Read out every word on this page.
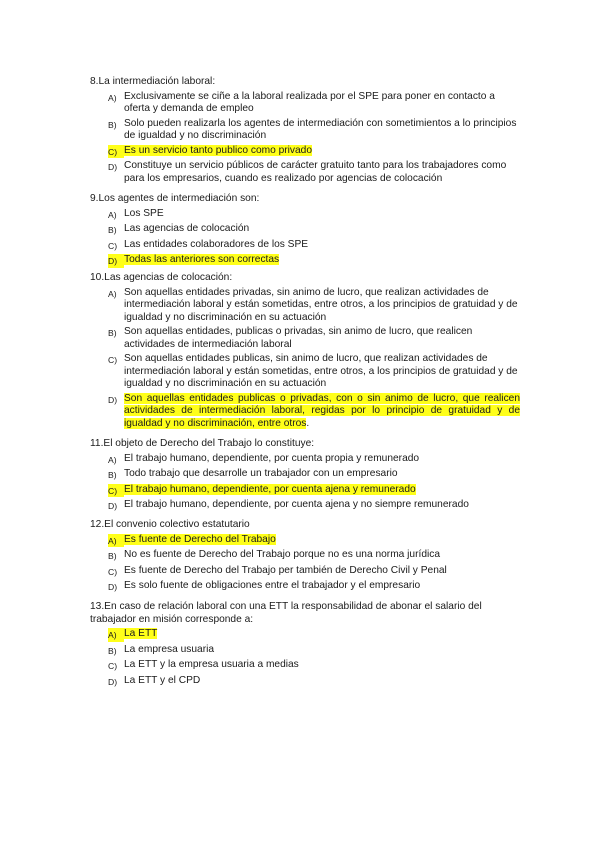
8.La intermediación laboral:
A) Exclusivamente se ciñe a la laboral realizada por el SPE para poner en contacto a oferta y demanda de empleo
B) Solo pueden realizarla los agentes de intermediación con sometimientos a lo principios de igualdad y no discriminación
C) Es un servicio tanto publico como privado
D) Constituye un servicio públicos de carácter gratuito tanto para los trabajadores como para los empresarios, cuando es realizado por agencias de colocación
9.Los agentes de intermediación son:
A) Los SPE
B) Las agencias de colocación
C) Las entidades colaboradores de los SPE
D) Todas las anteriores son correctas
10.Las agencias de colocación:
A) Son aquellas entidades privadas, sin animo de lucro, que realizan actividades de intermediación laboral y están sometidas, entre otros, a los principios de gratuidad y de igualdad y no discriminación en su actuación
B) Son aquellas entidades, publicas o privadas, sin animo de lucro, que realicen actividades de intermediación laboral
C) Son aquellas entidades publicas, sin animo de lucro, que realizan actividades de intermediación laboral y están sometidas, entre otros, a los principios de gratuidad y de igualdad y no discriminación en su actuación
D) Son aquellas entidades publicas o privadas, con o sin animo de lucro, que realicen actividades de intermediación laboral, regidas por lo principio de gratuidad y de igualdad y no discriminación, entre otros.
11.El objeto de Derecho del Trabajo lo constituye:
A) El trabajo humano, dependiente, por cuenta propia y remunerado
B) Todo trabajo que desarrolle un trabajador con un empresario
C) El trabajo humano, dependiente, por cuenta ajena y remunerado
D) El trabajo humano, dependiente, por cuenta ajena y no siempre remunerado
12.El convenio colectivo estatutario
A) Es fuente de Derecho del Trabajo
B) No es fuente de Derecho del Trabajo porque no es una norma jurídica
C) Es fuente de Derecho del Trabajo per también de Derecho Civil y Penal
D) Es solo fuente de obligaciones entre el trabajador y el empresario
13.En caso de relación laboral con una ETT la responsabilidad de abonar el salario del trabajador en misión corresponde a:
A) La ETT
B) La empresa usuaria
C) La ETT y la empresa usuaria a medias
D) La ETT y el CPD
